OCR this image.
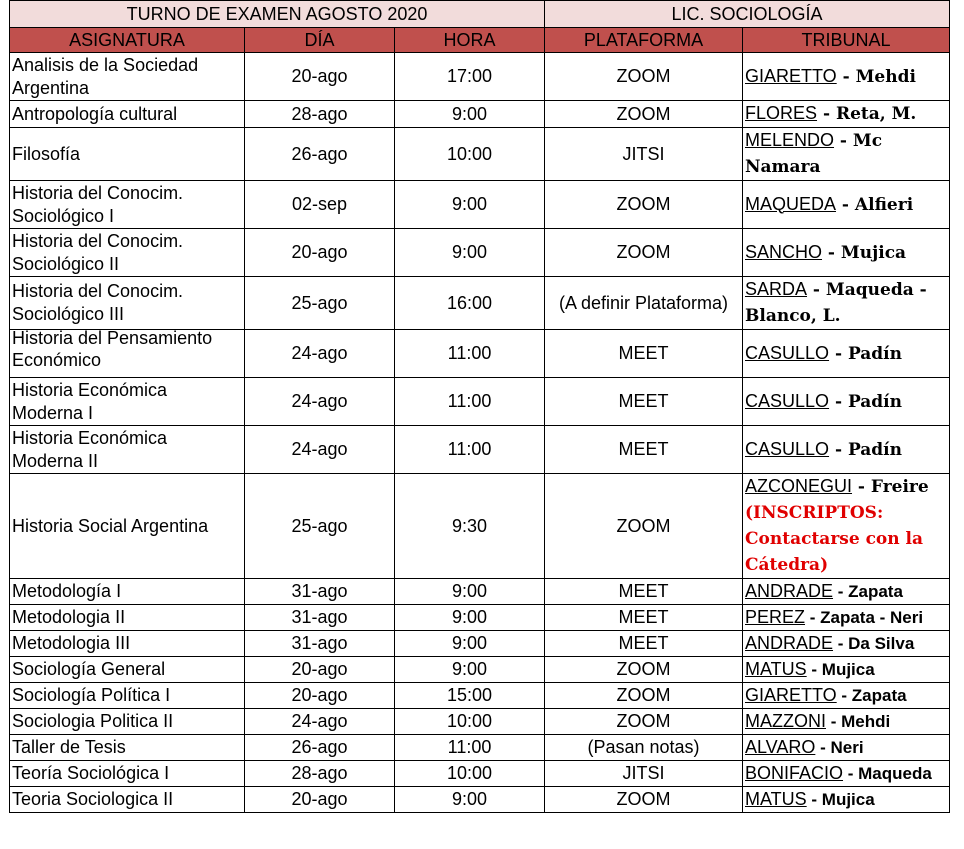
TURNO DE EXAMEN AGOSTO 2020			LIC. SOCIOLOGÍA	
ASIGNATURA	DÍA	HORA	PLATAFORMA	TRIBUNAL
Analisis de la Sociedad Argentina	20-ago	17:00	ZOOM	GIARETTO - Mehdi
Antropología cultural	28-ago	9:00	ZOOM	FLORES - Reta, M.
Filosofía	26-ago	10:00	JITSI	MELENDO - Mc Namara
Historia del Conocim. Sociológico I	02-sep	9:00	ZOOM	MAQUEDA - Alfieri
Historia del Conocim. Sociológico II	20-ago	9:00	ZOOM	SANCHO - Mujica
Historia del Conocim. Sociológico III	25-ago	16:00	(A definir Plataforma)	SARDA - Maqueda - Blanco, L.

Historia del Pensamiento Económico	24-ago	11:00	MEET	CASULLO - Padín
Historia Económica Moderna I	24-ago	11:00	MEET	CASULLO - Padín
Historia Económica Moderna II	24-ago	11:00	MEET	CASULLO - Padín
Historia Social Argentina	25-ago	9:30	ZOOM	AZCONEGUI - Freire
(INSCRIPTOS: Contactarse con la Cátedra)
Metodología I	31-ago	9:00	MEET	ANDRADE - Zapata
Metodologia II	31-ago	9:00	MEET	PEREZ - Zapata - Neri
Metodologia III	31-ago	9:00	MEET	ANDRADE - Da Silva
Sociología General	20-ago	9:00	ZOOM	MATUS - Mujica
Sociología Política I	20-ago	15:00	ZOOM	GIARETTO - Zapata
Sociologia Politica II	24-ago	10:00	ZOOM	MAZZONI - Mehdi
Taller de Tesis	26-ago	11:00	(Pasan notas)	ALVARO - Neri
Teoría Sociológica I	28-ago	10:00	JITSI	BONIFACIO - Maqueda
Teoria Sociologica II	20-ago	9:00	ZOOM	MATUS - Mujica
